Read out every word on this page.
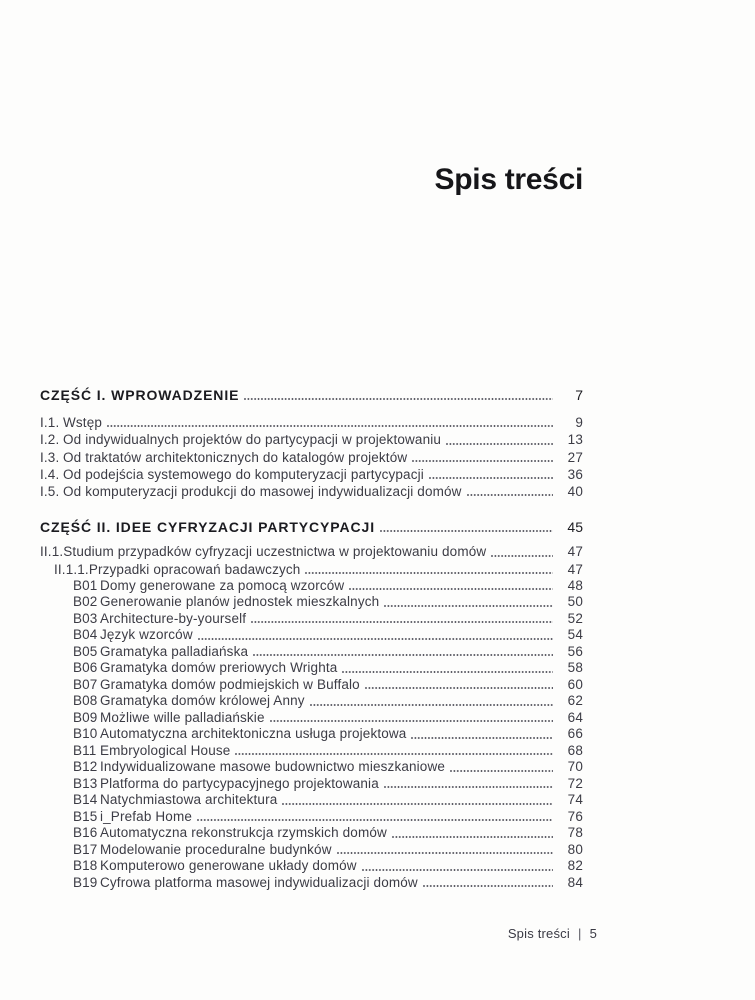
Spis treści
CZĘŚĆ I. WPROWADZENIE	7
I.1. Wstęp	9
I.2. Od indywidualnych projektów do partycypacji w projektowaniu	13
I.3. Od traktatów architektonicznych do katalogów projektów	27
I.4. Od podejścia systemowego do komputeryzacji partycypacji	36
I.5. Od komputeryzacji produkcji do masowej indywidualizacji domów	40
CZĘŚĆ II. IDEE CYFRYZACJI PARTYCYPACJI	45
II.1. Studium przypadków cyfryzacji uczestnictwa w projektowaniu domów	47
II.1.1. Przypadki opracowań badawczych	47
B01 Domy generowane za pomocą wzorców	48
B02 Generowanie planów jednostek mieszkalnych	50
B03 Architecture-by-yourself	52
B04 Język wzorców	54
B05 Gramatyka palladiańska	56
B06 Gramatyka domów preriowych Wrighta	58
B07 Gramatyka domów podmiejskich w Buffalo	60
B08 Gramatyka domów królowej Anny	62
B09 Możliwe wille palladiańskie	64
B10 Automatyczna architektoniczna usługa projektowa	66
B11 Embryological House	68
B12 Indywidualizowane masowe budownictwo mieszkaniowe	70
B13 Platforma do partycypacyjnego projektowania	72
B14 Natychmiastowa architektura	74
B15 i_Prefab Home	76
B16 Automatyczna rekonstrukcja rzymskich domów	78
B17 Modelowanie proceduralne budynków	80
B18 Komputerowo generowane układy domów	82
B19 Cyfrowa platforma masowej indywidualizacji domów	84
Spis treści | 5
